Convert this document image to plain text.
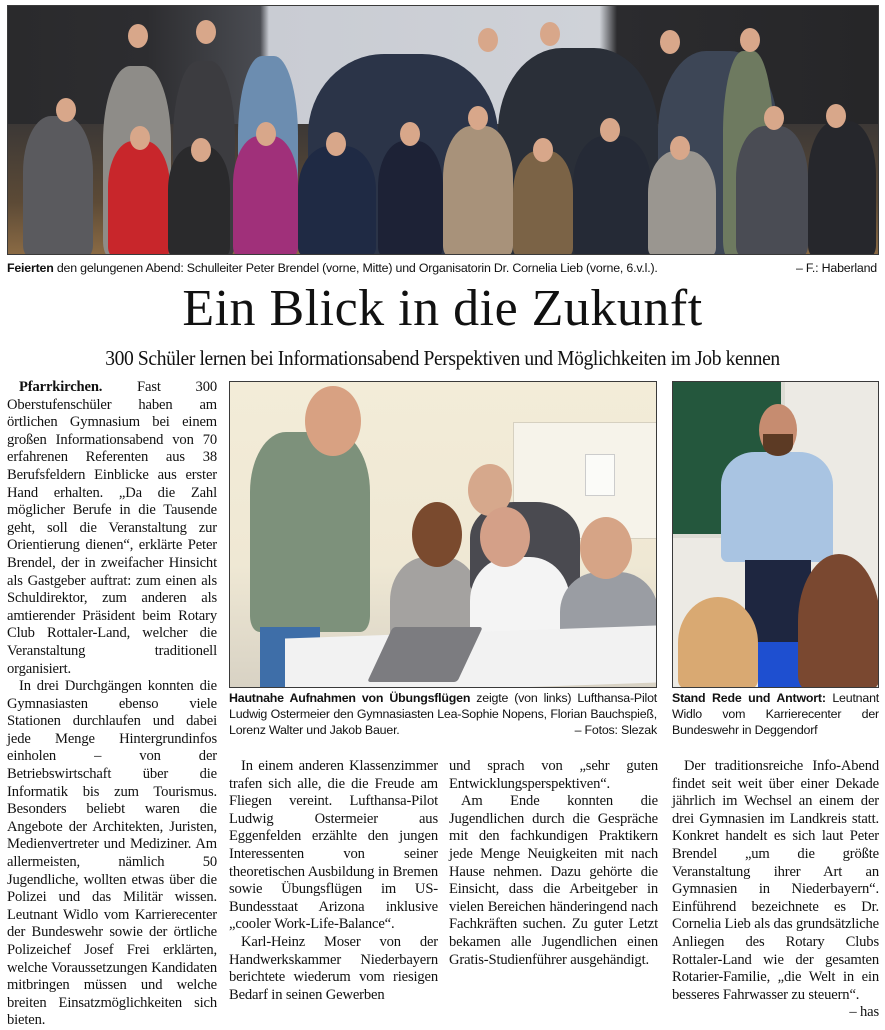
Feierten den gelungenen Abend: Schulleiter Peter Brendel (vorne, Mitte) und Organisatorin Dr. Cornelia Lieb (vorne, 6.v.l.).	– F.: Haberland
Ein Blick in die Zukunft
300 Schüler lernen bei Informationsabend Perspektiven und Möglichkeiten im Job kennen

Pfarrkirchen. Fast 300 Oberstufenschüler haben am örtlichen Gymnasium bei einem großen Informationsabend von 70 erfahrenen Referenten aus 38 Berufsfeldern Einblicke aus erster Hand erhalten. „Da die Zahl möglicher Berufe in die Tausende geht, soll die Veranstaltung zur Orientierung dienen“, erklärte Peter Brendel, der in zweifacher Hinsicht als Gastgeber auftrat: zum einen als Schuldirektor, zum anderen als amtierender Präsident beim Rotary Club Rottaler-Land, welcher die Veranstaltung traditionell organisiert.

In drei Durchgängen konnten die Gymnasiasten ebenso viele Stationen durchlaufen und dabei jede Menge Hintergrundinfos einholen – von der Betriebswirtschaft über die Informatik bis zum Tourismus. Besonders beliebt waren die Angebote der Architekten, Juristen, Medienvertreter und Mediziner. Am allermeisten, nämlich 50 Jugendliche, wollten etwas über die Polizei und das Militär wissen. Leutnant Widlo vom Karrierecenter der Bundeswehr sowie der örtliche Polizeichef Josef Frei erklärten, welche Voraussetzungen Kandidaten mitbringen müssen und welche breiten Einsatzmöglichkeiten sich bieten.

Hautnahe Aufnahmen von Übungsflügen zeigte (von links) Lufthansa-Pilot Ludwig Ostermeier den Gymnasiasten Lea-Sophie Nopens, Florian Bauchspieß, Lorenz Walter und Jakob Bauer.	– Fotos: Slezak
Stand Rede und Antwort: Leutnant Widlo vom Karrierecenter der Bundeswehr in Deggendorf

In einem anderen Klassenzimmer trafen sich alle, die die Freude am Fliegen vereint. Lufthansa-Pilot Ludwig Ostermeier aus Eggenfelden erzählte den jungen Interessenten von seiner theoretischen Ausbildung in Bremen sowie Übungsflügen im US-Bundesstaat Arizona inklusive „cooler Work-Life-Balance“.

Karl-Heinz Moser von der Handwerkskammer Niederbayern berichtete wiederum vom riesigen Bedarf in seinen Gewerben

und sprach von „sehr guten Entwicklungsperspektiven“.

Am Ende konnten die Jugendlichen durch die Gespräche mit den fachkundigen Praktikern jede Menge Neuigkeiten mit nach Hause nehmen. Dazu gehörte die Einsicht, dass die Arbeitgeber in vielen Bereichen händeringend nach Fachkräften suchen. Zu guter Letzt bekamen alle Jugendlichen einen Gratis-Studienführer ausgehändigt.

Der traditionsreiche Info-Abend findet seit weit über einer Dekade jährlich im Wechsel an einem der drei Gymnasien im Landkreis statt. Konkret handelt es sich laut Peter Brendel „um die größte Veranstaltung ihrer Art an Gymnasien in Niederbayern“. Einführend bezeichnete es Dr. Cornelia Lieb als das grundsätzliche Anliegen des Rotary Clubs Rottaler-Land wie der gesamten Rotarier-Familie, „die Welt in ein besseres Fahrwasser zu steuern“.
– has
